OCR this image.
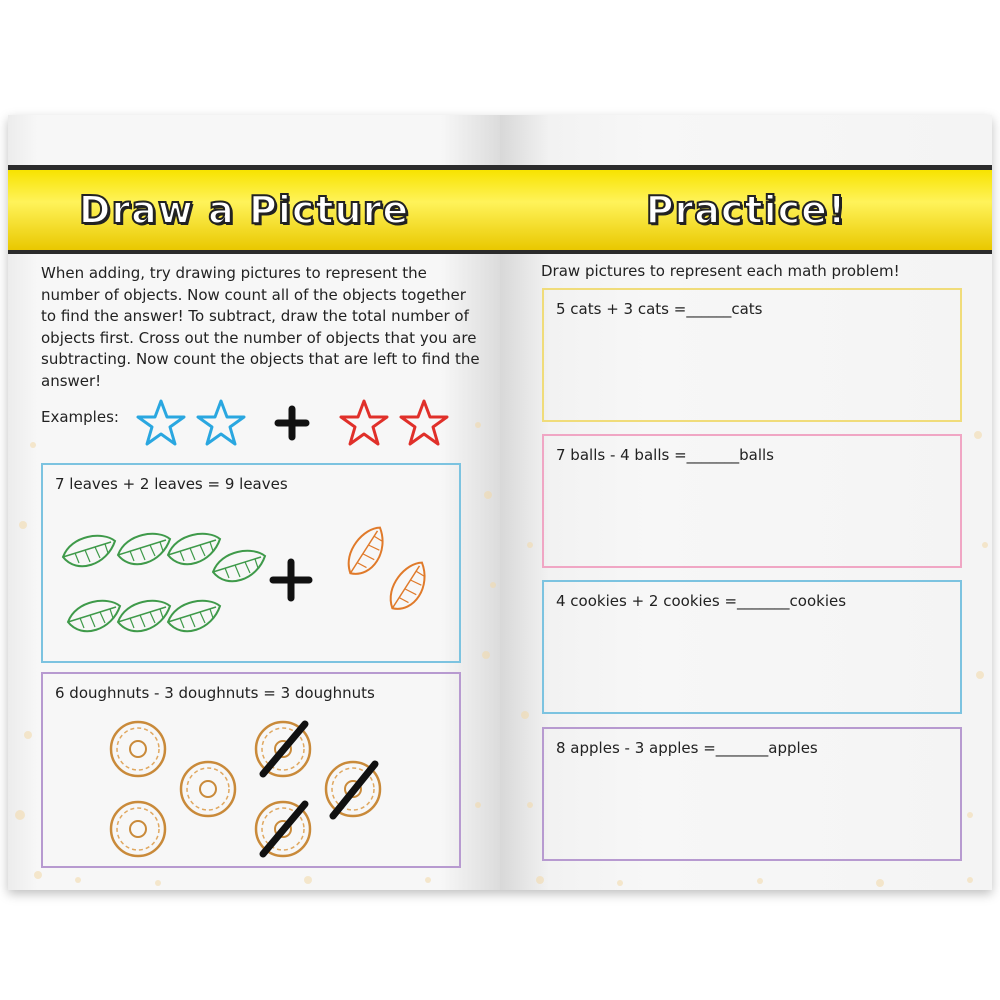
Draw a Picture
When adding, try drawing pictures to represent the number of objects. Now count all of the objects together to find the answer! To subtract, draw the total number of objects first. Cross out the number of objects that you are subtracting. Now count the objects that are left to find the answer!
Examples:
7 leaves + 2 leaves = 9 leaves
6 doughnuts - 3 doughnuts = 3 doughnuts
Practice!
Draw pictures to represent each math problem!
5 cats + 3 cats =______cats
7 balls - 4 balls =_______balls
4 cookies + 2 cookies =_______cookies
8 apples - 3 apples =_______apples
